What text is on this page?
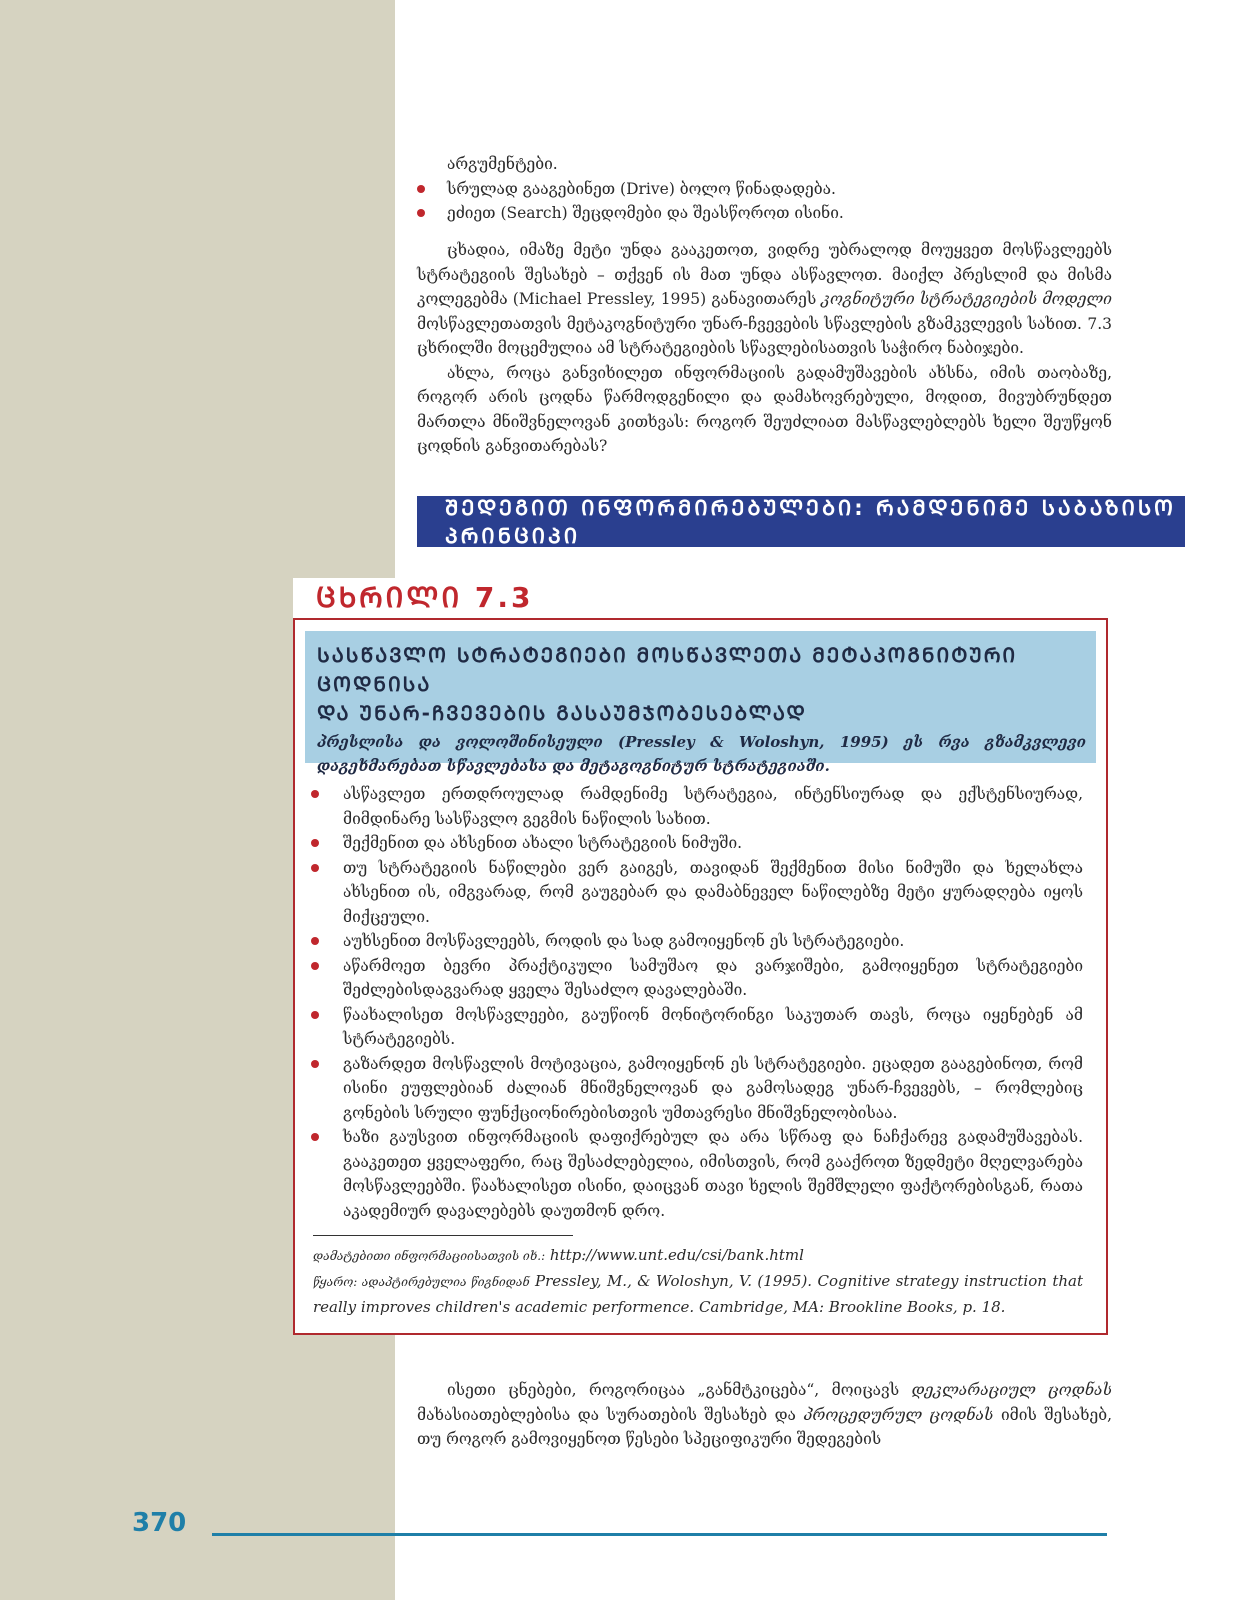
არგუმენტები.
სრულად გააგებინეთ (Drive) ბოლო წინადადება.
ეძიეთ (Search) შეცდომები და შეასწოროთ ისინი.

ცხადია, იმაზე მეტი უნდა გააკეთოთ, ვიდრე უბრალოდ მოუყვეთ მოსწავლეებს სტრატეგიის შესახებ – თქვენ ის მათ უნდა ასწავლოთ. მაიქლ პრესლიმ და მისმა კოლეგებმა (Michael Pressley, 1995) განავითარეს კოგნიტური სტრატეგიების მოდელი მოსწავლეთათვის მეტაკოგნიტური უნარ-ჩვევების სწავლების გზამკვლევის სახით. 7.3 ცხრილში მოცემულია ამ სტრატეგიების სწავლებისათვის საჭირო ნაბიჯები.

ახლა, როცა განვიხილეთ ინფორმაციის გადამუშავების ახსნა, იმის თაობაზე, როგორ არის ცოდნა წარმოდგენილი და დამახოვრებული, მოდით, მივუბრუნდეთ მართლა მნიშვნელოვან კითხვას: როგორ შეუძლიათ მასწავლებლებს ხელი შეუწყონ ცოდნის განვითარებას?

ᲨᲔᲓᲔᲒᲘᲗ ᲘᲜᲤᲝᲠᲛᲘᲠᲔᲑᲣᲚᲔᲑᲘ: ᲠᲐᲛᲓᲔᲜᲘᲛᲔ ᲡᲐᲑᲐᲖᲘᲡᲝ ᲞᲠᲘᲜᲪᲘᲞᲘ
ᲪᲮᲠᲘᲚᲘ 7.3
ᲡᲐᲡᲬᲐᲕᲚᲝ ᲡᲢᲠᲐᲢᲔᲒᲘᲔᲑᲘ ᲛᲝᲡᲬᲐᲕᲚᲔᲗᲐ ᲛᲔᲢᲐᲙᲝᲒᲜᲘᲢᲣᲠᲘ ᲪᲝᲓᲜᲘᲡᲐ
ᲓᲐ ᲣᲜᲐᲠ-ᲩᲕᲔᲕᲔᲑᲘᲡ ᲒᲐᲡᲐᲣᲛᲯᲝᲑᲔᲡᲔᲑᲚᲐᲓ
პრესლისა და ვოლოშინისეული (Pressley & Woloshyn, 1995) ეს რვა გზამკვლევი დაგეხმარებათ სწავლებასა და მეტაგოგნიტურ სტრატეგიაში.
ასწავლეთ ერთდროულად რამდენიმე სტრატეგია, ინტენსიურად და ექსტენსიურად, მიმდინარე სასწავლო გეგმის ნაწილის სახით.
შექმენით და ახსენით ახალი სტრატეგიის ნიმუში.
თუ სტრატეგიის ნაწილები ვერ გაიგეს, თავიდან შექმენით მისი ნიმუში და ხელახლა ახსენით ის, იმგვარად, რომ გაუგებარ და დამაბნეველ ნაწილებზე მეტი ყურადღება იყოს მიქცეული.
აუხსენით მოსწავლეებს, როდის და სად გამოიყენონ ეს სტრატეგიები.
აწარმოეთ ბევრი პრაქტიკული სამუშაო და ვარჯიშები, გამოიყენეთ სტრატეგიები შეძლებისდაგვარად ყველა შესაძლო დავალებაში.
წაახალისეთ მოსწავლეები, გაუწიონ მონიტორინგი საკუთარ თავს, როცა იყენებენ ამ სტრატეგიებს.
გაზარდეთ მოსწავლის მოტივაცია, გამოიყენონ ეს სტრატეგიები. ეცადეთ გააგებინოთ, რომ ისინი ეუფლებიან ძალიან მნიშვნელოვან და გამოსადეგ უნარ-ჩვევებს, – რომლებიც გონების სრული ფუნქციონირებისთვის უმთავრესი მნიშვნელობისაა.
ხაზი გაუსვით ინფორმაციის დაფიქრებულ და არა სწრაფ და ნაჩქარევ გადამუშავებას. გააკეთეთ ყველაფერი, რაც შესაძლებელია, იმისთვის, რომ გააქროთ ზედმეტი მღელვარება მოსწავლეებში. წაახალისეთ ისინი, დაიცვან თავი ხელის შემშლელი ფაქტორებისგან, რათა აკადემიურ დავალებებს დაუთმონ დრო.
დამატებითი ინფორმაციისათვის იხ.: http://www.unt.edu/csi/bank.html
წყარო: ადაპტირებულია წიგნიდან Pressley, M., & Woloshyn, V. (1995). Cognitive strategy instruction that really improves children's academic performence. Cambridge, MA: Brookline Books, p. 18.

ისეთი ცნებები, როგორიცაა „განმტკიცება“, მოიცავს დეკლარაციულ ცოდნას მახასიათებლებისა და სურათების შესახებ და პროცედურულ ცოდნას იმის შესახებ, თუ როგორ გამოვიყენოთ წესები სპეციფიკური შედეგების

370
